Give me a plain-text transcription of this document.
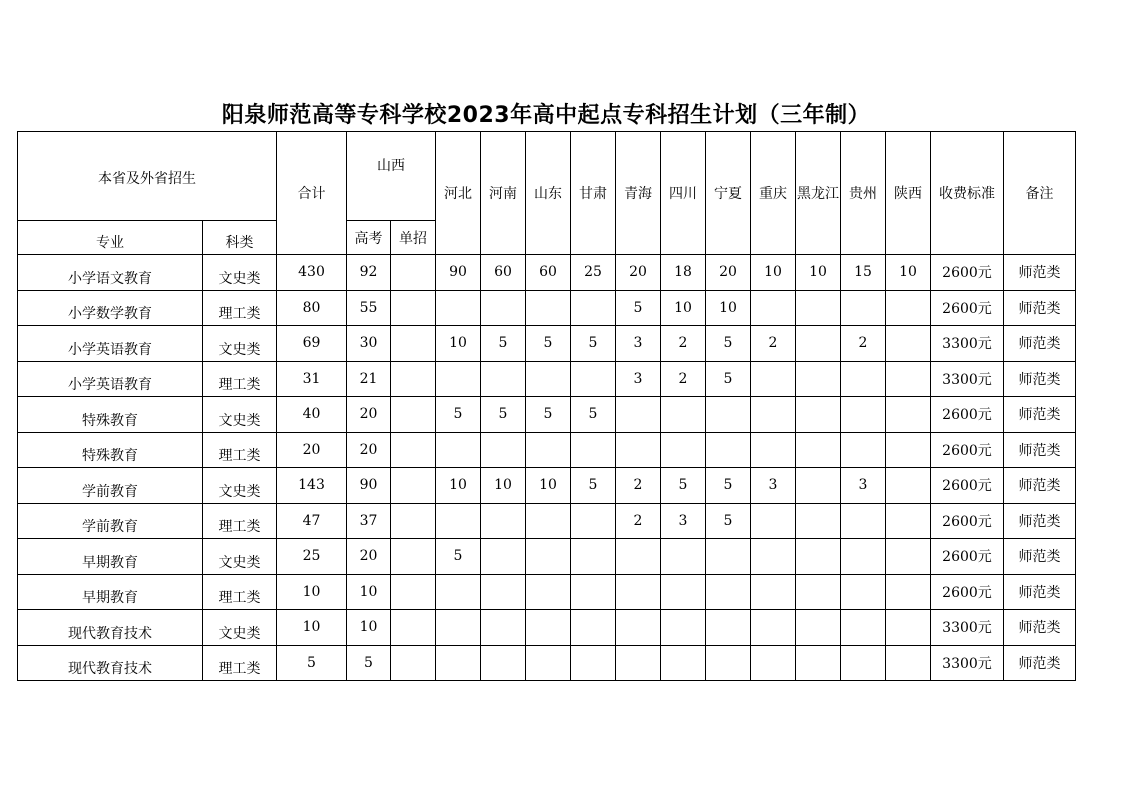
阳泉师范高等专科学校2023年高中起点专科招生计划（三年制）
本省及外省招生		合计	山西		河北	河南	山东	甘肃	青海	四川	宁夏	重庆	黑龙江	贵州	陕西	收费标准	备注
专业	科类		高考	单招													
小学语文教育	文史类	430	92		90	60	60	25	20	18	20	10	10	15	10	2600元	师范类
小学数学教育	理工类	80	55						5	10	10					2600元	师范类
小学英语教育	文史类	69	30		10	5	5	5	3	2	5	2		2		3300元	师范类
小学英语教育	理工类	31	21						3	2	5					3300元	师范类
特殊教育	文史类	40	20		5	5	5	5								2600元	师范类
特殊教育	理工类	20	20													2600元	师范类
学前教育	文史类	143	90		10	10	10	5	2	5	5	3		3		2600元	师范类
学前教育	理工类	47	37						2	3	5					2600元	师范类
早期教育	文史类	25	20		5											2600元	师范类
早期教育	理工类	10	10													2600元	师范类
现代教育技术	文史类	10	10													3300元	师范类
现代教育技术	理工类	5	5													3300元	师范类
